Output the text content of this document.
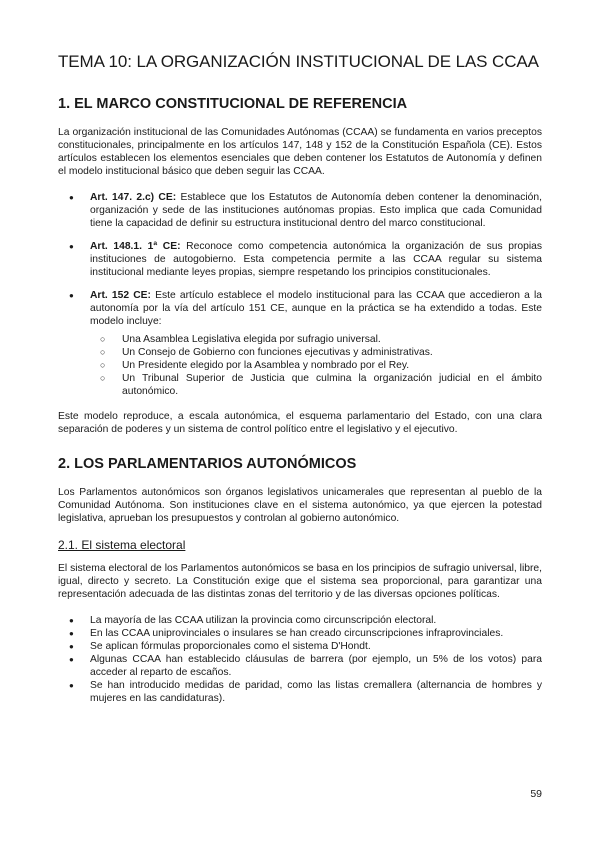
TEMA 10: LA ORGANIZACIÓN INSTITUCIONAL DE LAS CCAA
1. EL MARCO CONSTITUCIONAL DE REFERENCIA

La organización institucional de las Comunidades Autónomas (CCAA) se fundamenta en varios preceptos constitucionales, principalmente en los artículos 147, 148 y 152 de la Constitución Española (CE). Estos artículos establecen los elementos esenciales que deben contener los Estatutos de Autonomía y definen el modelo institucional básico que deben seguir las CCAA.

● Art. 147. 2.c) CE: Establece que los Estatutos de Autonomía deben contener la denominación, organización y sede de las instituciones autónomas propias. Esto implica que cada Comunidad tiene la capacidad de definir su estructura institucional dentro del marco constitucional.
● Art. 148.1. 1ª CE: Reconoce como competencia autonómica la organización de sus propias instituciones de autogobierno. Esta competencia permite a las CCAA regular su sistema institucional mediante leyes propias, siempre respetando los principios constitucionales.
● Art. 152 CE: Este artículo establece el modelo institucional para las CCAA que accedieron a la autonomía por la vía del artículo 151 CE, aunque en la práctica se ha extendido a todas. Este modelo incluye:
○ Una Asamblea Legislativa elegida por sufragio universal.
○ Un Consejo de Gobierno con funciones ejecutivas y administrativas.
○ Un Presidente elegido por la Asamblea y nombrado por el Rey.
○ Un Tribunal Superior de Justicia que culmina la organización judicial en el ámbito autonómico.

Este modelo reproduce, a escala autonómica, el esquema parlamentario del Estado, con una clara separación de poderes y un sistema de control político entre el legislativo y el ejecutivo.

2. LOS PARLAMENTARIOS AUTONÓMICOS

Los Parlamentos autonómicos son órganos legislativos unicamerales que representan al pueblo de la Comunidad Autónoma. Son instituciones clave en el sistema autonómico, ya que ejercen la potestad legislativa, aprueban los presupuestos y controlan al gobierno autonómico.

2.1. El sistema electoral

El sistema electoral de los Parlamentos autonómicos se basa en los principios de sufragio universal, libre, igual, directo y secreto. La Constitución exige que el sistema sea proporcional, para garantizar una representación adecuada de las distintas zonas del territorio y de las diversas opciones políticas.

● La mayoría de las CCAA utilizan la provincia como circunscripción electoral.
● En las CCAA uniprovinciales o insulares se han creado circunscripciones infraprovinciales.
● Se aplican fórmulas proporcionales como el sistema D'Hondt.
● Algunas CCAA han establecido cláusulas de barrera (por ejemplo, un 5% de los votos) para acceder al reparto de escaños.
● Se han introducido medidas de paridad, como las listas cremallera (alternancia de hombres y mujeres en las candidaturas).
59
